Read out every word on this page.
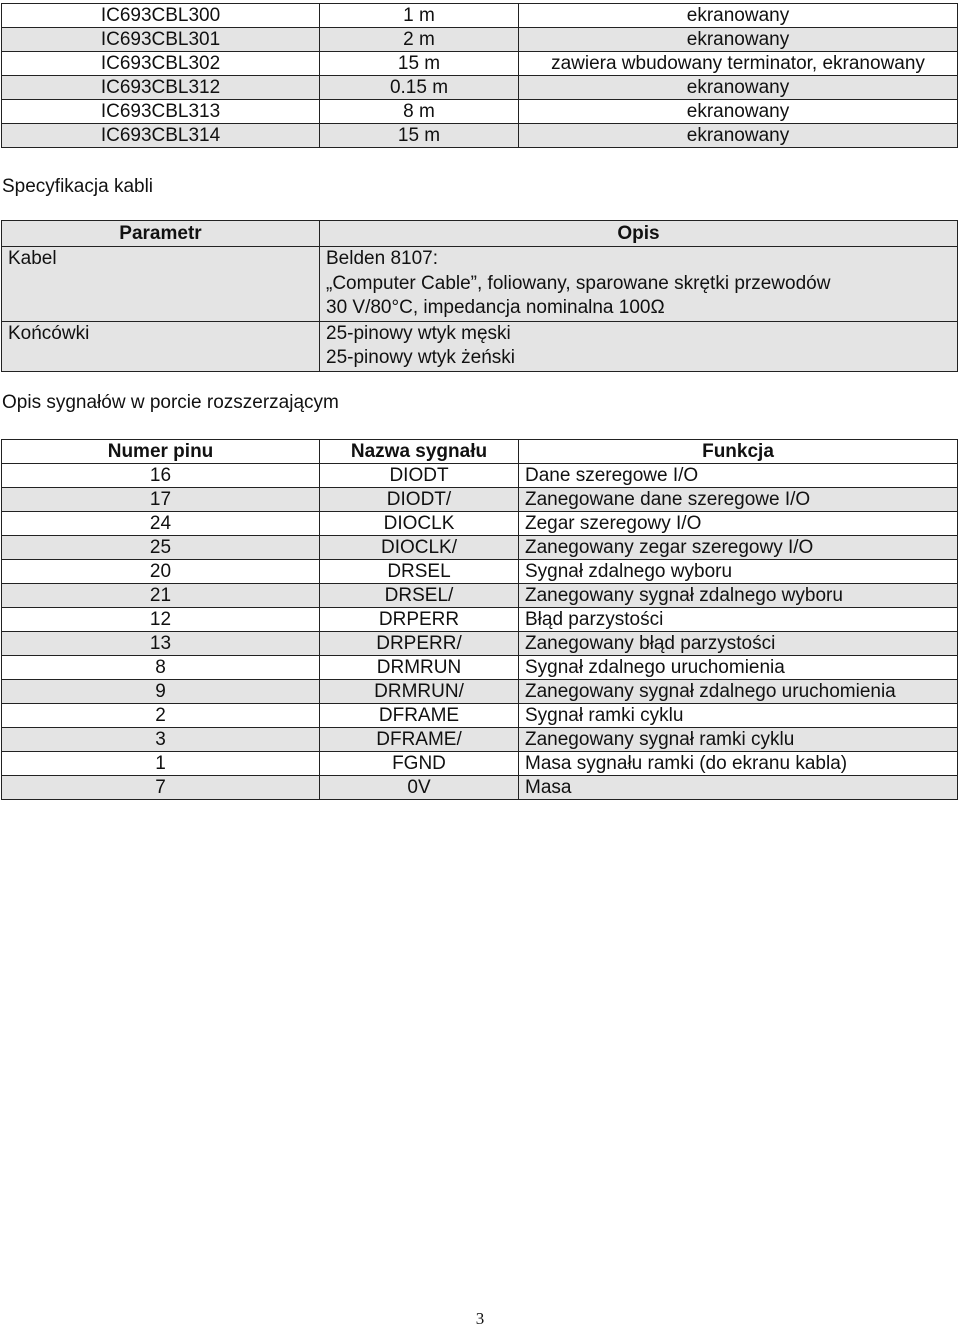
IC693CBL300	1 m	ekranowany
IC693CBL301	2 m	ekranowany
IC693CBL302	15 m	zawiera wbudowany terminator, ekranowany
IC693CBL312	0.15 m	ekranowany
IC693CBL313	8 m	ekranowany
IC693CBL314	15 m	ekranowany
Specyfikacja kabli
Parametr	Opis
Kabel	Belden 8107:
„Computer Cable”, foliowany, sparowane skrętki przewodów
30 V/80°C, impedancja nominalna 100Ω

Końcówki	25-pinowy wtyk męski
25-pinowy wtyk żeński
Opis sygnałów w porcie rozszerzającym
Numer pinu	Nazwa sygnału	Funkcja
16	DIODT	Dane szeregowe I/O
17	DIODT/	Zanegowane dane szeregowe I/O
24	DIOCLK	Zegar szeregowy I/O
25	DIOCLK/	Zanegowany zegar szeregowy I/O
20	DRSEL	Sygnał zdalnego wyboru
21	DRSEL/	Zanegowany sygnał zdalnego wyboru
12	DRPERR	Błąd parzystości
13	DRPERR/	Zanegowany błąd parzystości
8	DRMRUN	Sygnał zdalnego uruchomienia
9	DRMRUN/	Zanegowany sygnał zdalnego uruchomienia
2	DFRAME	Sygnał ramki cyklu
3	DFRAME/	Zanegowany sygnał ramki cyklu
1	FGND	Masa sygnału ramki (do ekranu kabla)
7	0V	Masa
3
